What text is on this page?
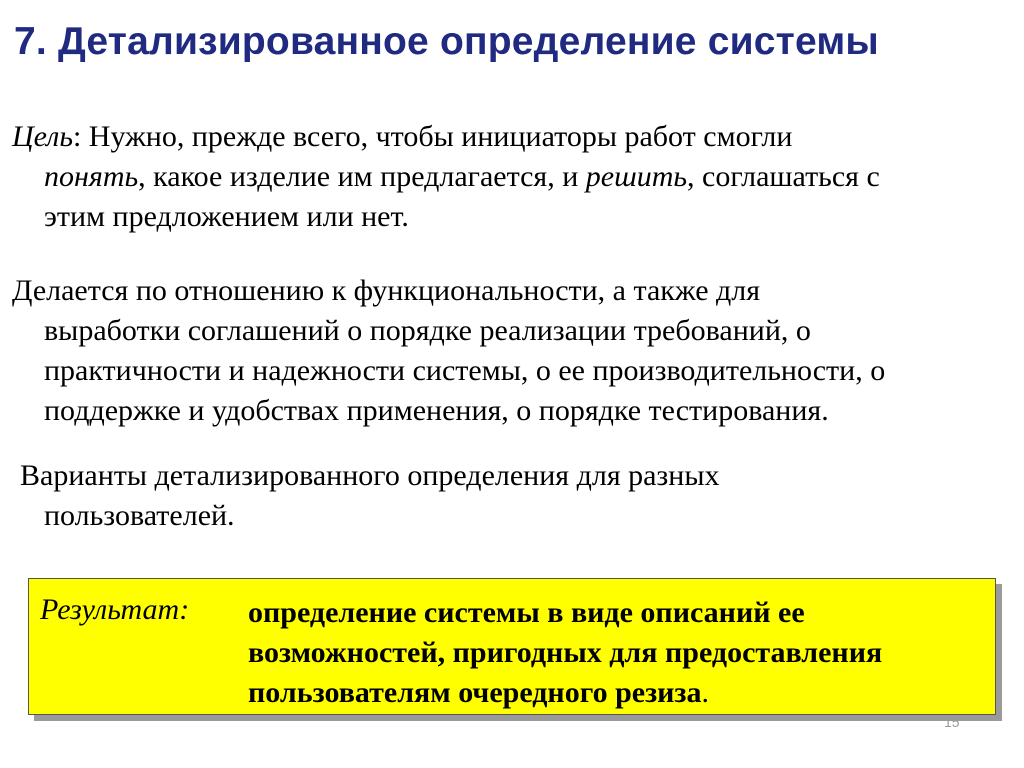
7. Детализированное определение системы
Цель: Нужно, прежде всего, чтобы инициаторы работ смогли
понять, какое изделие им предлагается, и решить, соглашаться с
этим предложением или нет.
Делается по отношению к функциональности, а также для
выработки соглашений о порядке реализации требований, о
практичности и надежности системы, о ее производительности, о
поддержке и удобствах применения, о порядке тестирования.
Варианты детализированного определения для разных
пользователей.
Результат: определение системы в виде описаний ее
возможностей, пригодных для предоставления
пользователям очередного резиза.
15
